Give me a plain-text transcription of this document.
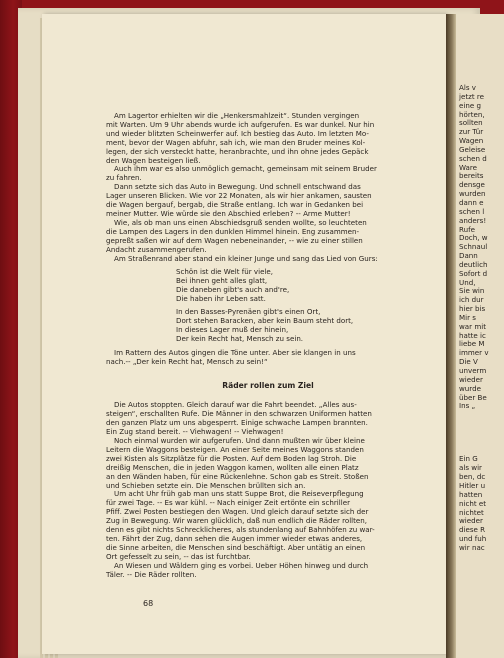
Am Lagertor erhielten wir die „Henkersmahlzeit“. Stunden vergingen
mit Warten. Um 9 Uhr abends wurde ich aufgerufen. Es war dunkel. Nur hin
und wieder blitzten Scheinwerfer auf. Ich bestieg das Auto. Im letzten Mo-
ment, bevor der Wagen abfuhr, sah ich, wie man den Bruder meines Kol-
legen, der sich versteckt hatte, heranbrachte, und ihn ohne jedes Gepäck
den Wagen besteigen ließ.

Auch ihm war es also unmöglich gemacht, gemeinsam mit seinem Bruder
zu fahren.

Dann setzte sich das Auto in Bewegung. Und schnell entschwand das
Lager unseren Blicken. Wie vor 22 Monaten, als wir hier ankamen, sausten
die Wagen bergauf, bergab, die Straße entlang. Ich war in Gedanken bei
meiner Mutter. Wie würde sie den Abschied erleben? -- Arme Mutter!

Wie, als ob man uns einen Abschiedsgruß senden wollte, so leuchteten
die Lampen des Lagers in den dunklen Himmel hinein. Eng zusammen-
gepreßt saßen wir auf dem Wagen nebeneinander, -- wie zu einer stillen
Andacht zusammengerufen.

Am Straßenrand aber stand ein kleiner Junge und sang das Lied von Gurs:

Schön ist die Welt für viele,
Bei ihnen geht alles glatt,
Die daneben gibt's auch and're,
Die haben ihr Leben satt.
In den Basses-Pyrenäen gibt's einen Ort,
Dort stehen Baracken, aber kein Baum steht dort,
In dieses Lager muß der hinein,
Der kein Recht hat, Mensch zu sein.

Im Rattern des Autos gingen die Töne unter. Aber sie klangen in uns
nach.-- „Der kein Recht hat, Mensch zu sein!“

Räder rollen zum Ziel

Die Autos stoppten. Gleich darauf war die Fahrt beendet. „Alles aus-
steigen“, erschallten Rufe. Die Männer in den schwarzen Uniformen hatten
den ganzen Platz um uns abgesperrt. Einige schwache Lampen brannten.
Ein Zug stand bereit. -- Viehwagen! -- Viehwagen!

Noch einmal wurden wir aufgerufen. Und dann mußten wir über kleine
Leitern die Waggons besteigen. An einer Seite meines Waggons standen
zwei Kisten als Sitzplätze für die Posten. Auf dem Boden lag Stroh. Die
dreißig Menschen, die in jeden Waggon kamen, wollten alle einen Platz
an den Wänden haben, für eine Rückenlehne. Schon gab es Streit. Stoßen
und Schieben setzte ein. Die Menschen brüllten sich an.

Um acht Uhr früh gab man uns statt Suppe Brot, die Reiseverpflegung
für zwei Tage. -- Es war kühl. -- Nach einiger Zeit ertönte ein schriller
Pfiff. Zwei Posten bestiegen den Wagen. Und gleich darauf setzte sich der
Zug in Bewegung. Wir waren glücklich, daß nun endlich die Räder rollten,
denn es gibt nichts Schrecklicheres, als stundenlang auf Bahnhöfen zu war-
ten. Fährt der Zug, dann sehen die Augen immer wieder etwas anderes,
die Sinne arbeiten, die Menschen sind beschäftigt. Aber untätig an einen
Ort gefesselt zu sein, -- das ist furchtbar.

An Wiesen und Wäldern ging es vorbei. Ueber Höhen hinweg und durch
Täler. -- Die Räder rollten.

68
Als v
jetzt re
eine g
hörten,
sollten
zur Tür
Wagen
Geleise
schen d
Ware
bereits
densge
wurden
dann e
schen l
anders!
Rufe
Doch, w
Schnaul
Dann
deutlich
Sofort d
Und,
Sie win
ich dur
hier bis
Mir s
war mit
hatte ic
liebe M
immer v
Die V
unverm
wieder
wurde
über Be
Ins „

Ein G
als wir
ben, dc
Hitler u
hatten
nicht et
nichtet
wieder
diese R
und fuh
wir nac
